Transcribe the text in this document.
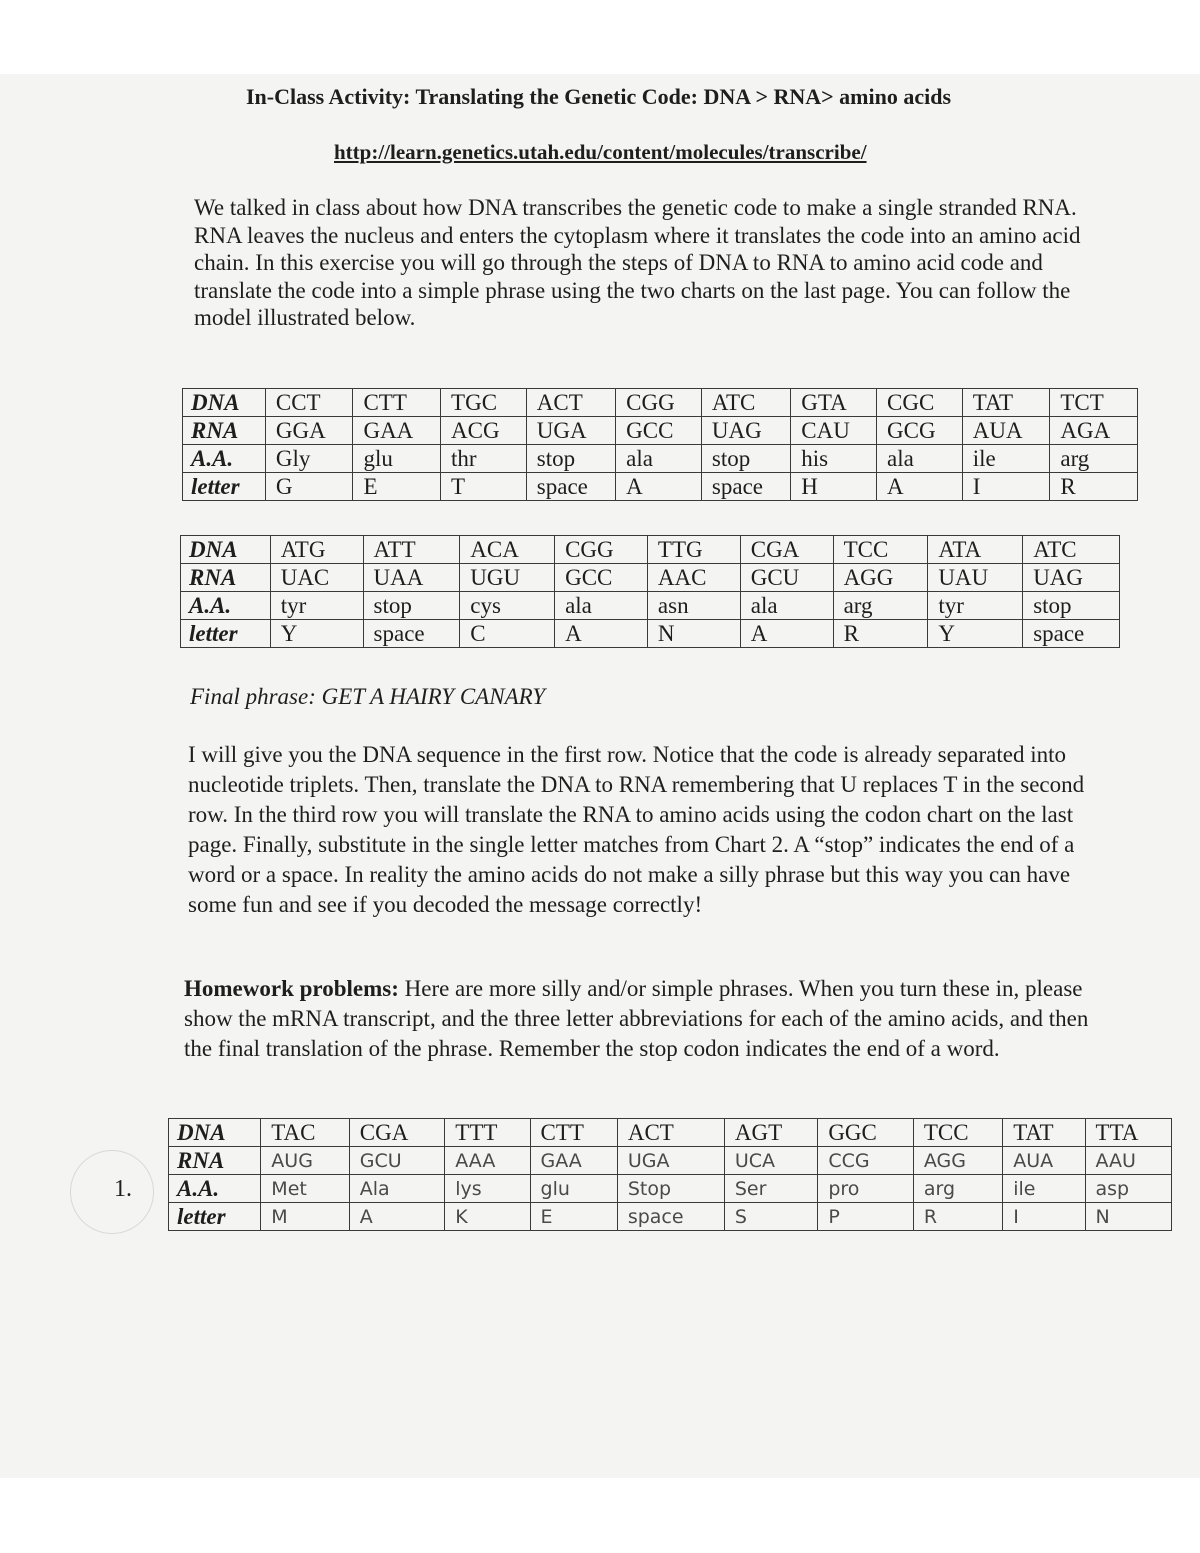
In-Class Activity: Translating the Genetic Code: DNA > RNA> amino acids
http://learn.genetics.utah.edu/content/molecules/transcribe/

We talked in class about how DNA transcribes the genetic code to make a single stranded RNA. RNA leaves the nucleus and enters the cytoplasm where it translates the code into an amino acid chain. In this exercise you will go through the steps of DNA to RNA to amino acid code and translate the code into a simple phrase using the two charts on the last page. You can follow the model illustrated below.

DNA	CCT	CTT	TGC	ACT	CGG	ATC	GTA	CGC	TAT	TCT
RNA	GGA	GAA	ACG	UGA	GCC	UAG	CAU	GCG	AUA	AGA
A.A.	Gly	glu	thr	stop	ala	stop	his	ala	ile	arg
letter	G	E	T	space	A	space	H	A	I	R
DNA	ATG	ATT	ACA	CGG	TTG	CGA	TCC	ATA	ATC
RNA	UAC	UAA	UGU	GCC	AAC	GCU	AGG	UAU	UAG
A.A.	tyr	stop	cys	ala	asn	ala	arg	tyr	stop
letter	Y	space	C	A	N	A	R	Y	space
Final phrase: GET A HAIRY CANARY

I will give you the DNA sequence in the first row. Notice that the code is already separated into nucleotide triplets. Then, translate the DNA to RNA remembering that U replaces T in the second row. In the third row you will translate the RNA to amino acids using the codon chart on the last page. Finally, substitute in the single letter matches from Chart 2. A “stop” indicates the end of a word or a space. In reality the amino acids do not make a silly phrase but this way you can have some fun and see if you decoded the message correctly!

Homework problems: Here are more silly and/or simple phrases. When you turn these in, please show the mRNA transcript, and the three letter abbreviations for each of the amino acids, and then the final translation of the phrase. Remember the stop codon indicates the end of a word.

1.
DNA	TAC	CGA	TTT	CTT	ACT	AGT	GGC	TCC	TAT	TTA
RNA	AUG	GCU	AAA	GAA	UGA	UCA	CCG	AGG	AUA	AAU
A.A.	Met	Ala	lys	glu	Stop	Ser	pro	arg	ile	asp
letter	M	A	K	E	space	S	P	R	I	N
